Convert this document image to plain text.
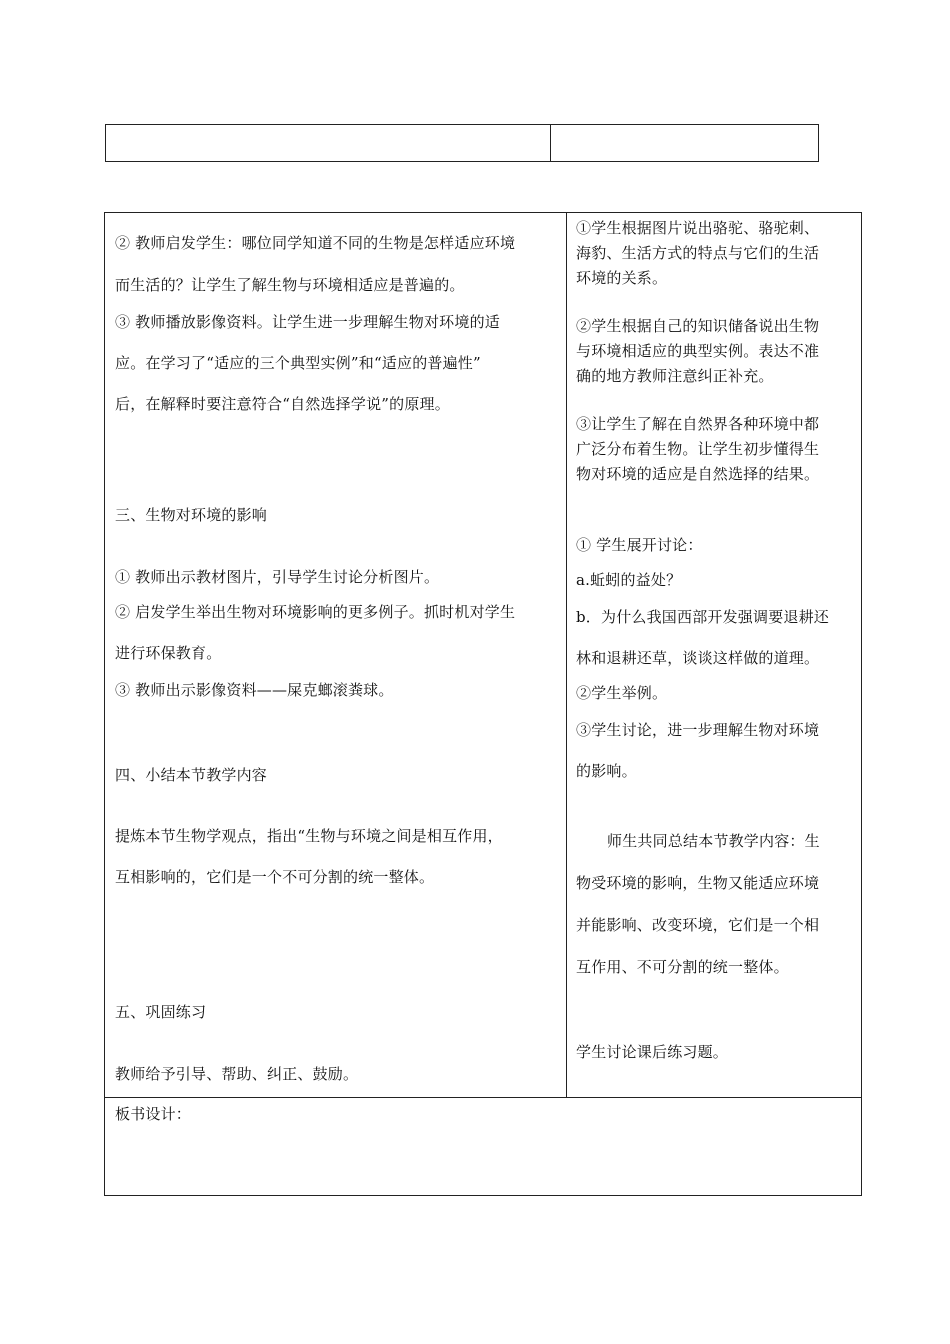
② 教师启发学生：哪位同学知道不同的生物是怎样适应环境
而生活的？让学生了解生物与环境相适应是普遍的。
③ 教师播放影像资料。让学生进一步理解生物对环境的适
应。在学习了“适应的三个典型实例”和“适应的普遍性”
后，在解释时要注意符合“自然选择学说”的原理。
三、生物对环境的影响
① 教师出示教材图片，引导学生讨论分析图片。
② 启发学生举出生物对环境影响的更多例子。抓时机对学生
进行环保教育。
③ 教师出示影像资料——屎克螂滚粪球。
四、小结本节教学内容
提炼本节生物学观点，指出“生物与环境之间是相互作用，
互相影响的，它们是一个不可分割的统一整体。
五、巩固练习
教师给予引导、帮助、纠正、鼓励。
①学生根据图片说出骆驼、骆驼刺、
海豹、生活方式的特点与它们的生活
环境的关系。
②学生根据自己的知识储备说出生物
与环境相适应的典型实例。表达不准
确的地方教师注意纠正补充。
③让学生了解在自然界各种环境中都
广泛分布着生物。让学生初步懂得生
物对环境的适应是自然选择的结果。
① 学生展开讨论：
a.蚯蚓的益处？
b．为什么我国西部开发强调要退耕还
林和退耕还草，谈谈这样做的道理。
②学生举例。
③学生讨论，进一步理解生物对环境
的影响。
师生共同总结本节教学内容：生
物受环境的影响，生物又能适应环境
并能影响、改变环境，它们是一个相
互作用、不可分割的统一整体。
学生讨论课后练习题。
板书设计：
